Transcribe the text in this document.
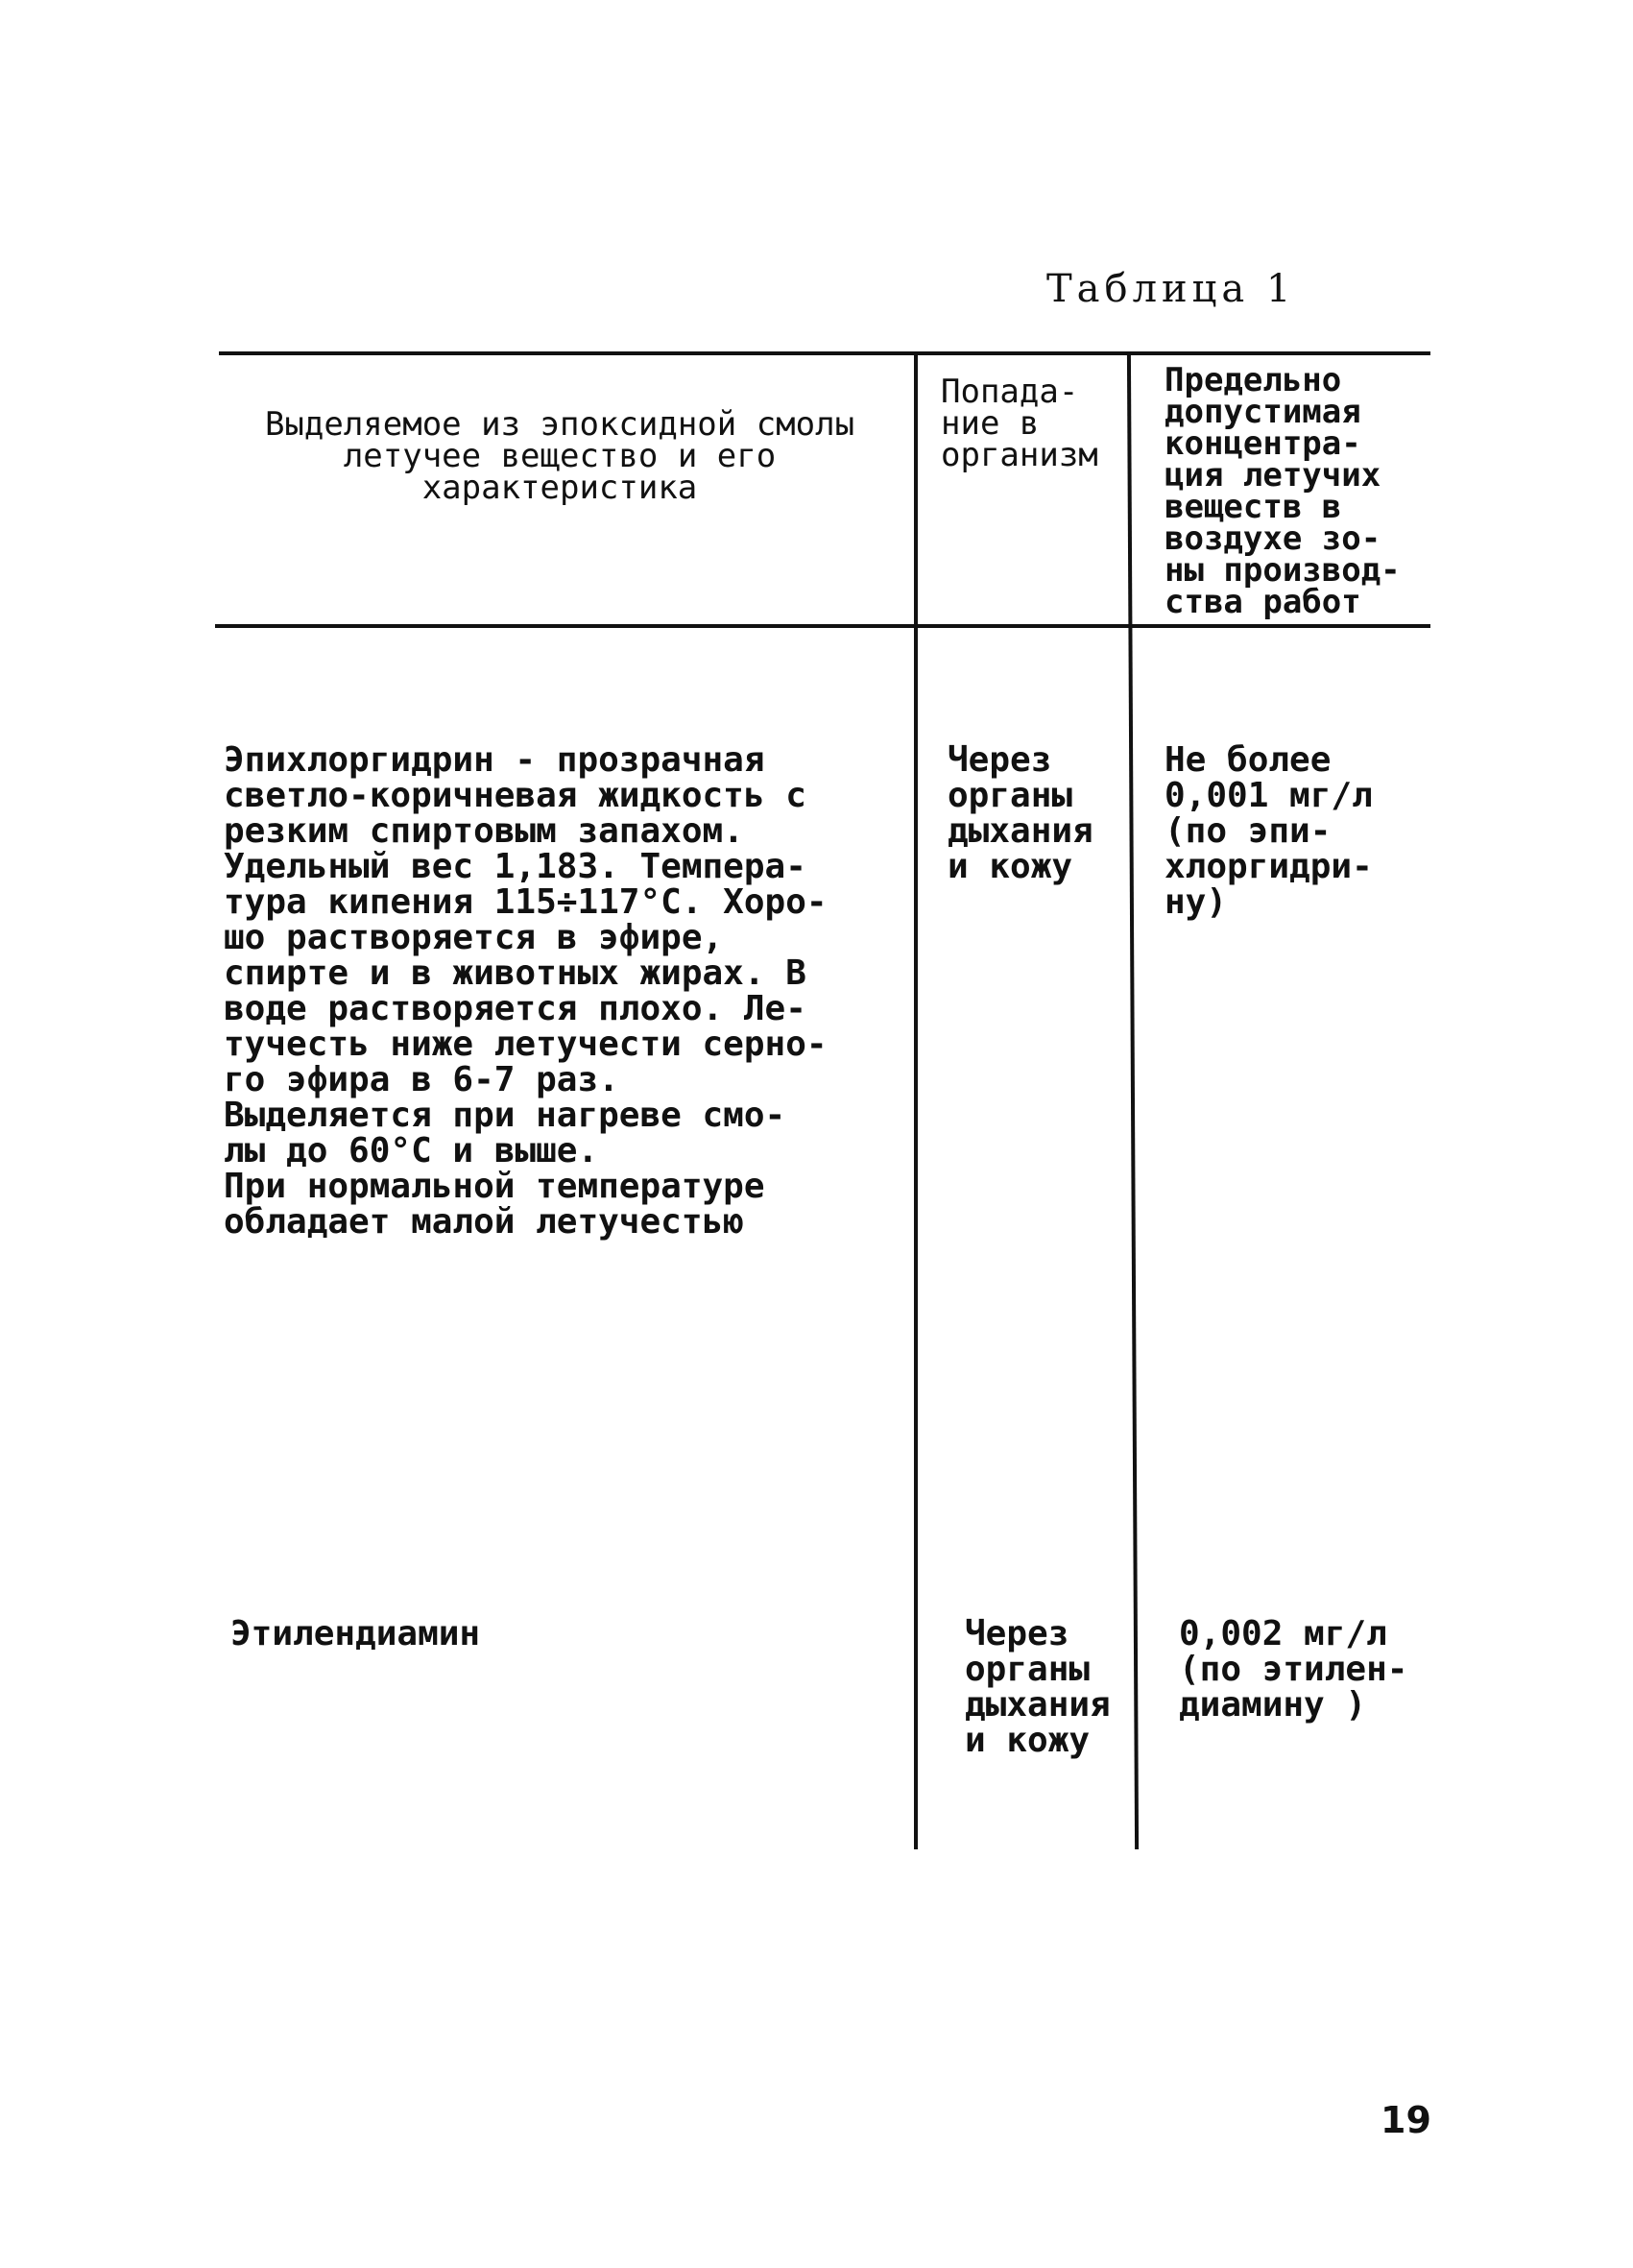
Таблица 1
Выделяемое из эпоксидной смолы
летучее вещество и его
характеристика
Попада-
ние в
организм
Предельно
допустимая
концентра-
ция летучих
веществ в
воздухе зо-
ны производ-
ства работ
Эпихлоргидрин - прозрачная
светло-коричневая жидкость с
резким спиртовым запахом.
Удельный вес 1,183. Темпера-
тура кипения 115÷117°С. Хоро-
шо растворяется в эфире,
спирте и в животных жирах. В
воде растворяется плохо. Ле-
тучесть ниже летучести серно-
го эфира в 6-7 раз.
Выделяется при нагреве смо-
лы до 60°С и выше.
При нормальной температуре
обладает малой летучестью
Через
органы
дыхания
и кожу
Не более
0,001 мг/л
(по эпи-
хлоргидри-
ну)
Этилендиамин	Через
органы
дыхания
и кожу
0,002 мг/л
(по этилен-
диамину )
19
